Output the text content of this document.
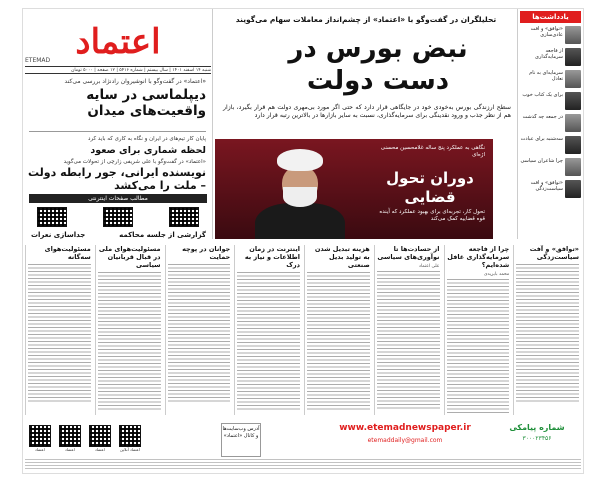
یادداشت‌ها
«توافق» و آفت عادی‌سازی
از فاجعه سرمایه‌گذاری
سرمایه‌ای به نام تعادل
برای یک کتاب خوب
در جمعه چه گذشت
سه‌شنبه برای عبادت
چرا شاعران سیاسی
«توافق» و آفت سیاست‌زدگی
اعتماد
ETEMAD
شنبه ۱۴ اسفند ۱۴۰۱ | سال بیستم | شماره ۵۴۱۶ | ۱۲ صفحه | ۵۰۰۰ تومان
«اعتماد» در گفت‌وگو با انوشیروان رادنژاد بررسی می‌کند
دیپلماسی در سایه واقعیت‌های میدان
پایان کار تیم‌های در ایران و نگاه به کاری که باید کرد
لحظه شماری برای صعود
«اعتماد» در گفت‌وگو با علی شریفی زارچی از تحولات می‌گوید
نویسنده ایرانی، جور رابطه دولت – ملت را می‌کشد
مطالب صفحات اینترنتی
گزارشی از جلسه محاکمه
جداسازی نعرات
تحلیلگران در گفت‌وگو با «اعتماد» از چشم‌انداز معاملات سهام می‌گویند
نبض بورس در دست دولت
سطح ارزندگی بورس به‌خودی خود در جایگاهی قرار دارد که حتی اگر مورد بی‌مهری دولت هم قرار بگیرد، بازار هم از نظر جذب و ورود نقدینگی برای سرمایه‌گذاری، نسبت به سایر بازارها در بالاترین رتبه قرار دارد
نگاهی به عملکرد پنج ساله غلامحسین محسنی اژه‌ای
دوران تحول قضایی
تحول کار، تجربه‌ای برای بهبود عملکرد که آینده قوه قضاییه کمک می‌کند
«توافق» و آفت سیاست‌زدگی
چرا از فاجعه سرمایه‌گذاری غافل شده‌ایم؟
محمد بایزیدی
از حسادت‌ها تا نوآوری‌های سیاسی
علی اعتماد
هزینه تبدیل شدن به تولید بدیل صنعتی
اینترنت در زمان اطلاعات و نیاز به درک
جوانان در پوچه حمایت
مسئولیت‌هوای ملی در قبال قربانیان سیاسی
مسئولیت‌هوای سه‌گانه
اعتماد آنلاین
اعتماد
اعتماد
اعتماد
آدرس وب‌سایت‌ها و کانال «اعتماد»
www.etemadnewspaper.ir
etemaddaily@gmail.com
شماره پیامکی
۳۰۰۰۲۳۴۵۶
